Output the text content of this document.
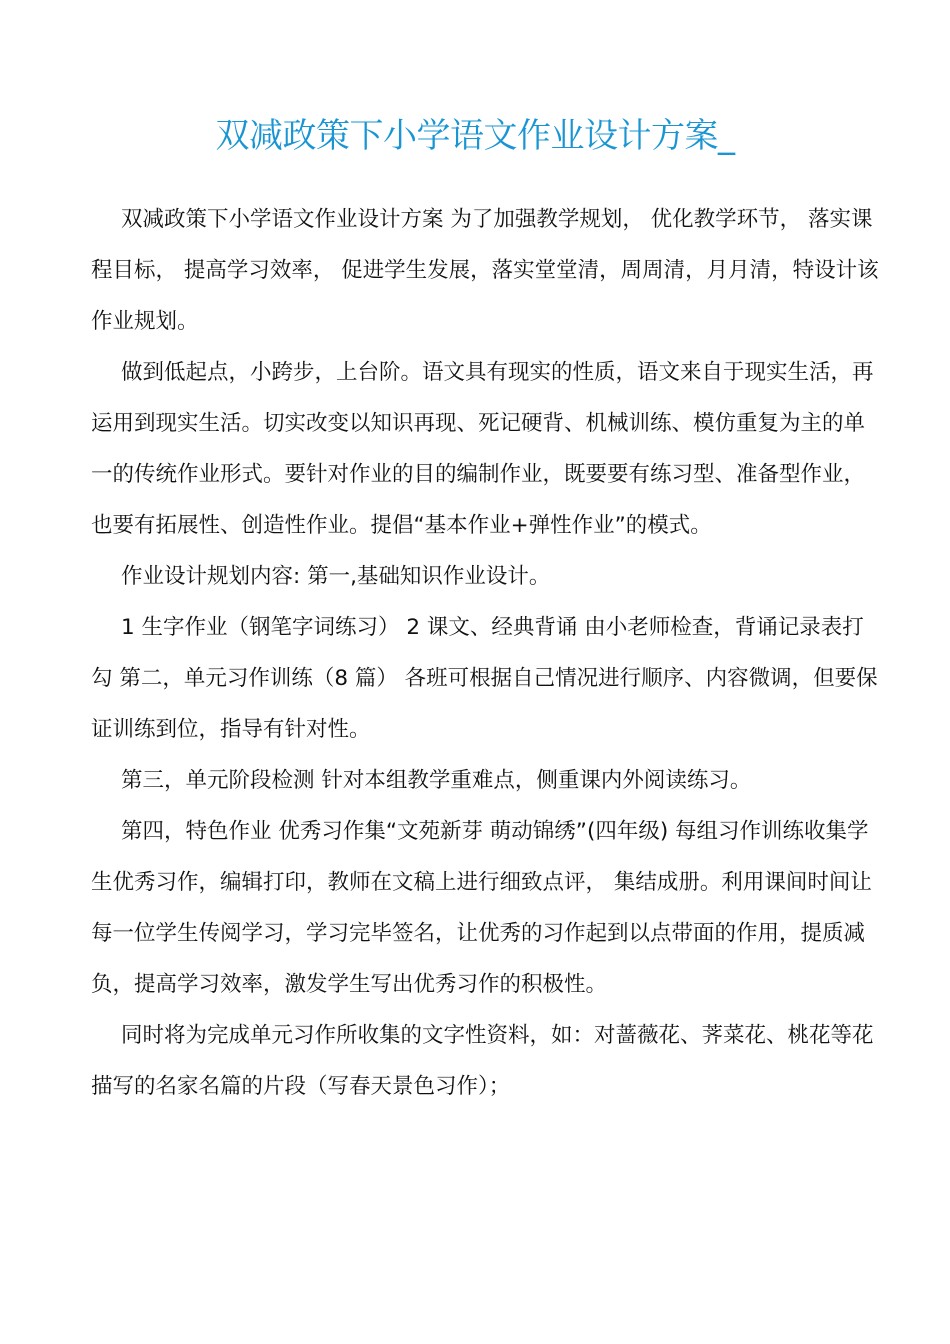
双减政策下小学语文作业设计方案_

双减政策下小学语文作业设计方案 为了加强教学规划， 优化教学环节， 落实课程目标， 提高学习效率， 促进学生发展，落实堂堂清，周周清，月月清，特设计该作业规划。

做到低起点，小跨步，上台阶。语文具有现实的性质，语文来自于现实生活，再运用到现实生活。切实改变以知识再现、死记硬背、机械训练、模仿重复为主的单一的传统作业形式。要针对作业的目的编制作业，既要要有练习型、准备型作业，也要有拓展性、创造性作业。提倡“基本作业+弹性作业”的模式。

作业设计规划内容: 第一,基础知识作业设计。

1 生字作业（钢笔字词练习） 2 课文、经典背诵 由小老师检查，背诵记录表打勾 第二，单元习作训练（8 篇） 各班可根据自己情况进行顺序、内容微调，但要保证训练到位，指导有针对性。

第三，单元阶段检测 针对本组教学重难点，侧重课内外阅读练习。

第四，特色作业 优秀习作集“文苑新芽 萌动锦绣”(四年级) 每组习作训练收集学生优秀习作，编辑打印，教师在文稿上进行细致点评， 集结成册。利用课间时间让每一位学生传阅学习，学习完毕签名，让优秀的习作起到以点带面的作用，提质减负，提高学习效率，激发学生写出优秀习作的积极性。

同时将为完成单元习作所收集的文字性资料，如：对蔷薇花、荠菜花、桃花等花描写的名家名篇的片段（写春天景色习作）；
